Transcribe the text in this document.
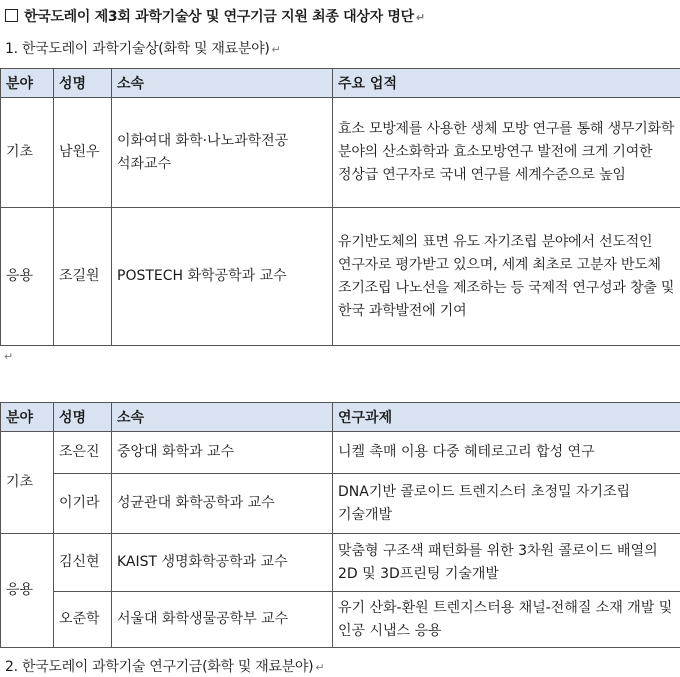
한국도레이 제3회 과학기술상 및 연구기금 지원 최종 대상자 명단 ↵
1. 한국도레이 과학기술상(화학 및 재료분야) ↵
분야	성명	소속	주요 업적
기초	남원우	이화여대 화학·나노과학전공 석좌교수	효소 모방제를 사용한 생체 모방 연구를 통해 생무기화학 분야의 산소화학과 효소모방연구 발전에 크게 기여한 정상급 연구자로 국내 연구를 세계수준으로 높임
응용	조길원	POSTECH 화학공학과 교수	유기반도체의 표면 유도 자기조립 분야에서 선도적인 연구자로 평가받고 있으며, 세계 최초로 고분자 반도체 조기조립 나노선을 제조하는 등 국제적 연구성과 창출 및 한국 과학발전에 기여
↵
분야	성명	소속	연구과제
기초	조은진	중앙대 화학과 교수	니켈 촉매 이용 다중 헤테로고리 합성 연구
	이기라	성균관대 화학공학과 교수	DNA기반 콜로이드 트렌지스터 초정밀 자기조립 기술개발
응용	김신현	KAIST 생명화학공학과 교수	맞춤형 구조색 패턴화를 위한 3차원 콜로이드 배열의 2D 및 3D프린팅 기술개발
	오준학	서울대 화학생물공학부 교수	유기 산화-환원 트렌지스터용 채널-전해질 소재 개발 및 인공 시냅스 응용
2. 한국도레이 과학기술 연구기금(화학 및 재료분야) ↵
